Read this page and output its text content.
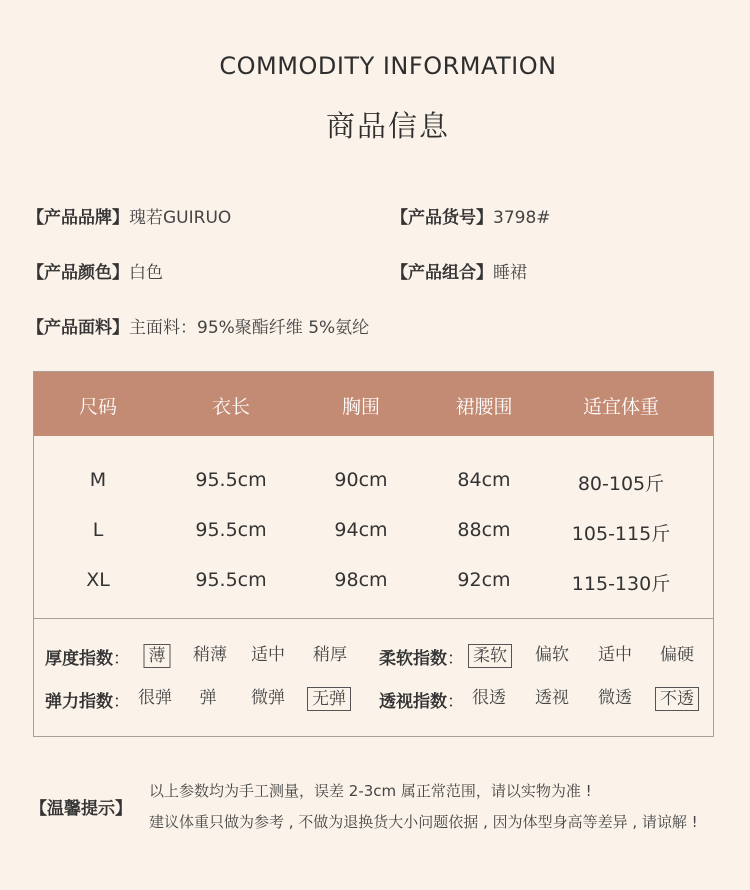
COMMODITY INFORMATION
商品信息
【产品品牌】瑰若GUIRUO	【产品货号】3798#
【产品颜色】白色	【产品组合】睡裙
【产品面料】主面料：95%聚酯纤维 5%氨纶
尺码	衣长	胸围	裙腰围	适宜体重
M	95.5cm	90cm	84cm	80-105斤
L	95.5cm	94cm	88cm	105-115斤
XL	95.5cm	98cm	92cm	115-130斤
厚度指数： 薄 稍薄 适中 稍厚 柔软指数： 柔软 偏软 适中 偏硬
弹力指数： 很弹 弹 微弹 无弹 透视指数： 很透 透视 微透 不透
【温馨提示】
以上参数均为手工测量，误差 2-3cm 属正常范围，请以实物为准 !
建议体重只做为参考 , 不做为退换货大小问题依据 , 因为体型身高等差异 , 请谅解 !
